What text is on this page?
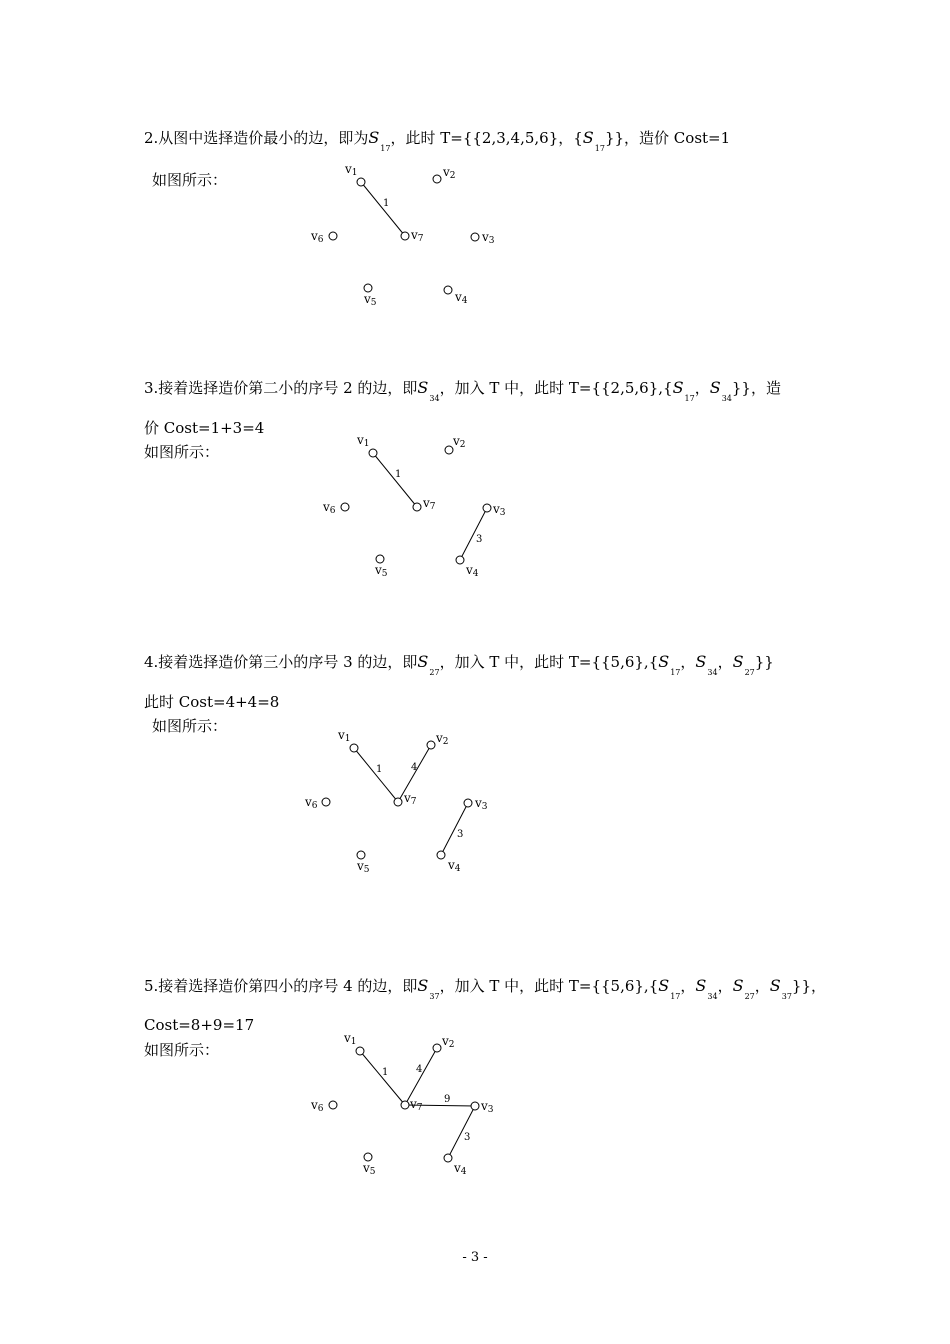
2.从图中选择造价最小的边，即为$S_{17}$，此时 T={{2,3,4,5,6}，$\{S_{17}\}$}，造价 Cost=1
如图所示：
1
v1	v2
v3
v4
v5
v6	v7
3.接着选择造价第二小的序号 2 的边，即$S_{34}$，加入 T 中，此时 $T=\{\{2,5,6\},\{S_{17}$，$S_{34}$}}，造
价 Cost=1+3=4
如图所示：
1
3
v1	v2
v3
v4
v5
v6
v7
4.接着选择造价第三小的序号 3 的边，即$S_{27}$，加入 T 中，此时 $T=\{\{5,6\},\{S_{17}$，$S_{34}$，$S_{27}$}}
此时 Cost=4+4=8
如图所示：
1	4
3
v1	v2
v3
v4
v5
v6
v7
5.接着选择造价第四小的序号 4 的边，即$S_{37}$，加入 T 中，此时 $T=\{\{5,6\},\{S_{17}$，$S_{34}$，$S_{27}$，$S_{37}$}}，
Cost=8+9=17
如图所示：
1	4
9
3
v1	v2
v3
v4
v5
v6	v7
- 3 -
